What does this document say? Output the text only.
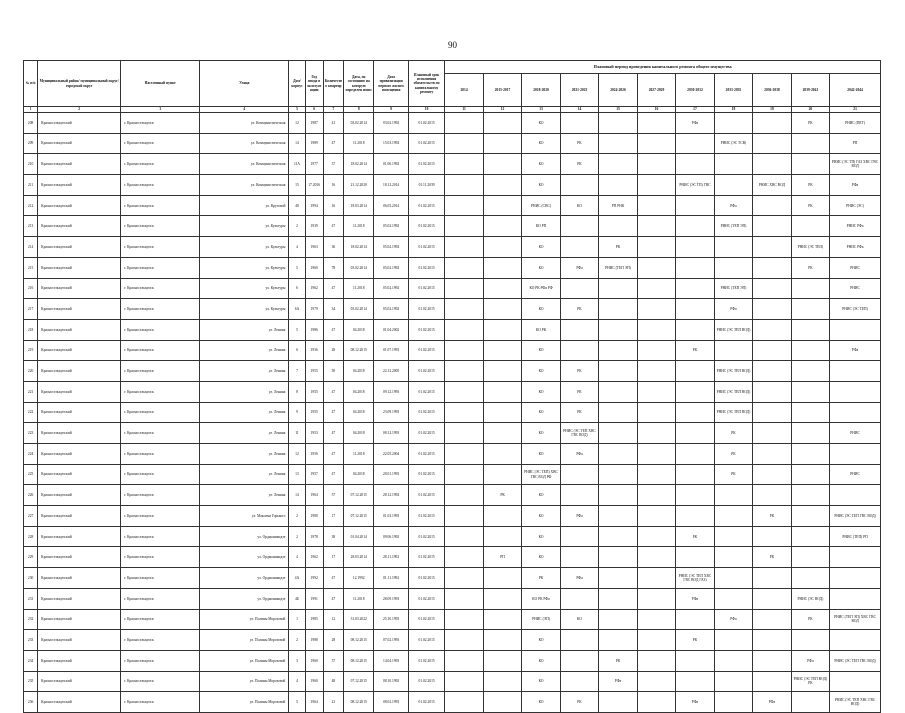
90
№ п/п	Муниципальный район/ муниципальный округ/городской округ	Населенный пункт	Улица	Дом/ корпус	Год ввода в эксплуатацию	Количество квартир	Дата, по состоянию на которую определен износ	Дата приватизации первого жилого помещения	Плановый срок исполнения обязательств по капитальному ремонту	Плановый период проведения капитального ремонта общего имущества										
										2014	2015-2017	2018-2020	2021-2023	2024-2026	2027-2029	2030-2032	2033-2035	2036-2038	2039-2041	2042-2044
1	2	3	4	5	6	7	8	9	10	11	12	13	14	15	16	17	18	19	20	21
208	Красноселькупский	г. Красноселькупск	ул. Коммунистическая	12	1987	41	03.02.2014	03.02.1992	01.02.2015			КО				РФа			РК	РНИС (ПЕТ)
209	Красноселькупский	г. Красноселькупск	ул. Коммунистическая	14	1989	47	11.2018	15.03.1992	01.02.2015			КО	РК				РНИС (ЭС ТСВ)			РП
210	Красноселькупский	г. Красноселькупск	ул. Коммунистическая	11А	1977	37	18.02.2014	01.06.1992	01.02.2015			КО	РК							РНИС (ЭС ТП) ГАЗ ХВС ГВС ВОД
211	Красноселькупский	г. Красноселькупск	ул. Коммунистическая	15	17.2016	16	21.12.2020	18.12.2014	01.11.2039			КО				РНИС (ЭС ТП) ГВС		РНИС ХВС ВОД	РК	РФа
212	Красноселькупский	г. Красноселькупск	ул. Круговой	48	1994	16	18.03.2014	06.03.2014	01.02.2015			РНИС (СВС)	КО	РП РНК			РФа		РК	РНИС (ЭС)
213	Красноселькупский	г. Красноселькупск	ул. Культуры	2	1939	47	11.2018	05.02.1992	01.02.2015			КО РП					РНИС (ТЕП ЭП)			РНИС РФа
214	Красноселькупский	г. Красноселькупск	ул. Культуры	4	1963	36	18.02.2014	05.02.1992	01.02.2015			КО		РК					РНИС (ЭС ТЕП)	РНИС РФа
215	Красноселькупский	г. Красноселькупск	ул. Культуры	5	1960	78	03.02.2014	05.02.1992	01.02.2015			КО	РФа	РНИС (ТЕП ЭП)					РК	РНИС
216	Красноселькупский	г. Красноселькупск	ул. Культуры	6	1962	47	11.2018	05.02.1992	01.02.2015			КО РК РФа РФ					РНИС (ТЕП ЭП)			РНИС
217	Красноселькупский	г. Красноселькупск	ул. Культуры	6А	1979	34	03.02.2014	05.02.1992	01.02.2015			КО	РК				РФа			РНИС (ЭС ТЕП)
218	Красноселькупский	г. Красноселькупск	ул. Ленина	5	1986	47	04.2018	01.04.2002	01.02.2015			КО РК					РНИС (ЭС ТЕП ВОД)			
219	Красноселькупский	г. Красноселькупск	ул. Ленина	6	1936	28	08.12.2015	01.07.1993	01.02.2015			КО				РК				РФа
220	Красноселькупский	г. Красноселькупск	ул. Ленина	7	1955	50	04.2018	22.12.2005	01.02.2015			КО	РК				РНИС (ЭС ТЕП ВОД)			
221	Красноселькупский	г. Красноселькупск	ул. Ленина	8	1955	47	04.2018	09.12.1993	01.02.2015			КО	РК				РНИС (ЭС ТЕП ВОД)			
222	Красноселькупский	г. Красноселькупск	ул. Ленина	9	1955	47	04.2018	23.09.1993	01.02.2015			КО	РК				РНИС (ЭС ТЕП ВОД)			
223	Красноселькупский	г. Красноселькупск	ул. Ленина	11	1953	47	04.2018	08.12.1993	01.02.2015			КО	РНИС (ЭС ТЕП ХВС ГВС ВОД)				РК			РНИС
224	Красноселькупский	г. Красноселькупск	ул. Ленина	12	1956	47	11.2018	22.05.2004	01.02.2015			КО	РФа				РК			
225	Красноселькупский	г. Красноселькупск	ул. Ленина	13	1957	47	04.2018	20.01.1993	01.02.2015			РНИС (ЭС ТЕП) ХВС ГВС ВОД РФ					РК			РНИС
226	Красноселькупский	г. Красноселькупск	ул. Ленина	14	1964	57	07.12.2015	28.12.1992	01.02.2015		РК	КО								
227	Красноселькупский	г. Красноселькупск	ул. Максима Горького	2	1980	17	07.12.2015	01.03.1993	01.02.2015			КО	РФа					РК		РНИС (ЭС ТЕП ГВС ВОД)
228	Красноселькупский	г. Красноселькупск	ул. Орджоникидзе	2	1978	38	01.04.2014	09.06.1992	01.02.2015			КО				РК				РНИС (ТЕП) РП
229	Красноселькупский	г. Красноселькупск	ул. Орджоникидзе	4	1962	17	28.03.2014	28.11.1992	01.02.2015		РП	КО						РК		
230	Красноселькупский	г. Красноселькупск	ул. Орджоникидзе	4А	1992	47	12.1992	01.11.1992	01.02.2015			РК	РФа			РНИС (ЭС ТЕП ХВС ГВС ВОД ГАЗ)				
231	Красноселькупский	г. Красноселькупск	ул. Орджоникидзе	4Б	1991	47	11.2018	28.09.1993	01.02.2015			КО РК РФа				РФа			РНИС (ЭС ВОД)	
232	Красноселькупский	г. Красноселькупск	ул. Полины Морозовой	1	1985	12	31.03.2022	25.10.1993	01.02.2015			РНИС (ЭП)	КО				РФа		РК	РНИС (ТЕП ЭП) ХВС ГВС ВОД
233	Красноселькупский	г. Красноселькупск	ул. Полины Морозовой	2	1988	28	08.12.2015	07.02.1993	01.02.2015			КО				РК				
234	Красноселькупский	г. Красноселькупск	ул. Полины Морозовой	3	1960	37	08.12.2015	14.04.1993	01.02.2015			КО		РК					РФа	РНИС (ЭС ТЕП ГВС ВОД)
235	Красноселькупский	г. Красноселькупск	ул. Полины Морозовой	4	1960	48	07.12.2015	08.10.1992	01.02.2015			КО		РФа					РНИС (ЭС ТЕП ВОД) РК	
236	Красноселькупский	г. Красноселькупск	ул. Полины Морозовой	5	1964	21	08.12.2015	08.02.1993	01.02.2015			КО	РК			РФа		РФа		РНИС (ЭС ТЕП ХВС ГВС ВОД)
